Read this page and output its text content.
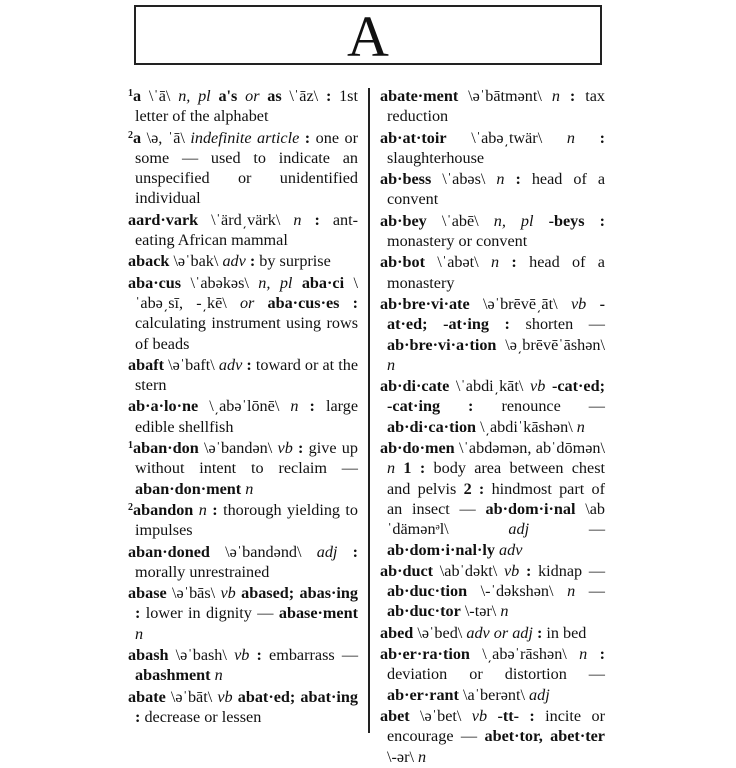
A
$^1$a \ˈā\ n, pl a's or as \ˈāz\ : 1st letter of the alphabet
$^2$a \ə, ˈā\ indefinite article : one or some — used to indicate an unspecified or unidentified individual
aard·vark \ˈärd͵värk\ n : ant-eating African mammal
aback \əˈbak\ adv : by surprise
aba·cus \ˈabəkəs\ n, pl aba·ci \ˈabə͵sī, -͵kē\ or aba·cus·es : calculating instrument using rows of beads
abaft \əˈbaft\ adv : toward or at the stern
ab·a·lo·ne \͵abəˈlōnē\ n : large edible shellfish
$^1$aban·don \əˈbandən\ vb : give up without intent to reclaim — aban·don·ment n
$^2$abandon n : thorough yielding to impulses
aban·doned \əˈbandənd\ adj : morally unrestrained
abase \əˈbās\ vb abased; abas·ing : lower in dignity — abase·ment n
abash \əˈbash\ vb : embarrass — abashment n
abate \əˈbāt\ vb abat·ed; abat·ing : decrease or lessen
abate·ment \əˈbātmənt\ n : tax reduction
ab·at·toir \ˈabə͵twär\ n : slaughterhouse
ab·bess \ˈabəs\ n : head of a convent
ab·bey \ˈabē\ n, pl -beys : monastery or convent
ab·bot \ˈabət\ n : head of a monastery
ab·bre·vi·ate \əˈbrēvē͵āt\ vb -at·ed; -at·ing : shorten — ab·bre·vi·a·tion \ə͵brēvēˈāshən\ n
ab·di·cate \ˈabdi͵kāt\ vb -cat·ed; -cat·ing : renounce — ab·di·ca·tion \͵abdiˈkāshən\ n
ab·do·men \ˈabdəmən, abˈdōmən\ n 1 : body area between chest and pelvis 2 : hindmost part of an insect — ab·dom·i·nal \abˈdämənᵊl\ adj — ab·dom·i·nal·ly adv
ab·duct \abˈdəkt\ vb : kidnap — ab·duc·tion \-ˈdəkshən\ n — ab·duc·tor \-tər\ n
abed \əˈbed\ adv or adj : in bed
ab·er·ra·tion \͵abəˈrāshən\ n : deviation or distortion — ab·er·rant \aˈberənt\ adj
abet \əˈbet\ vb -tt- : incite or encourage — abet·tor, abet·ter \-ər\ n
